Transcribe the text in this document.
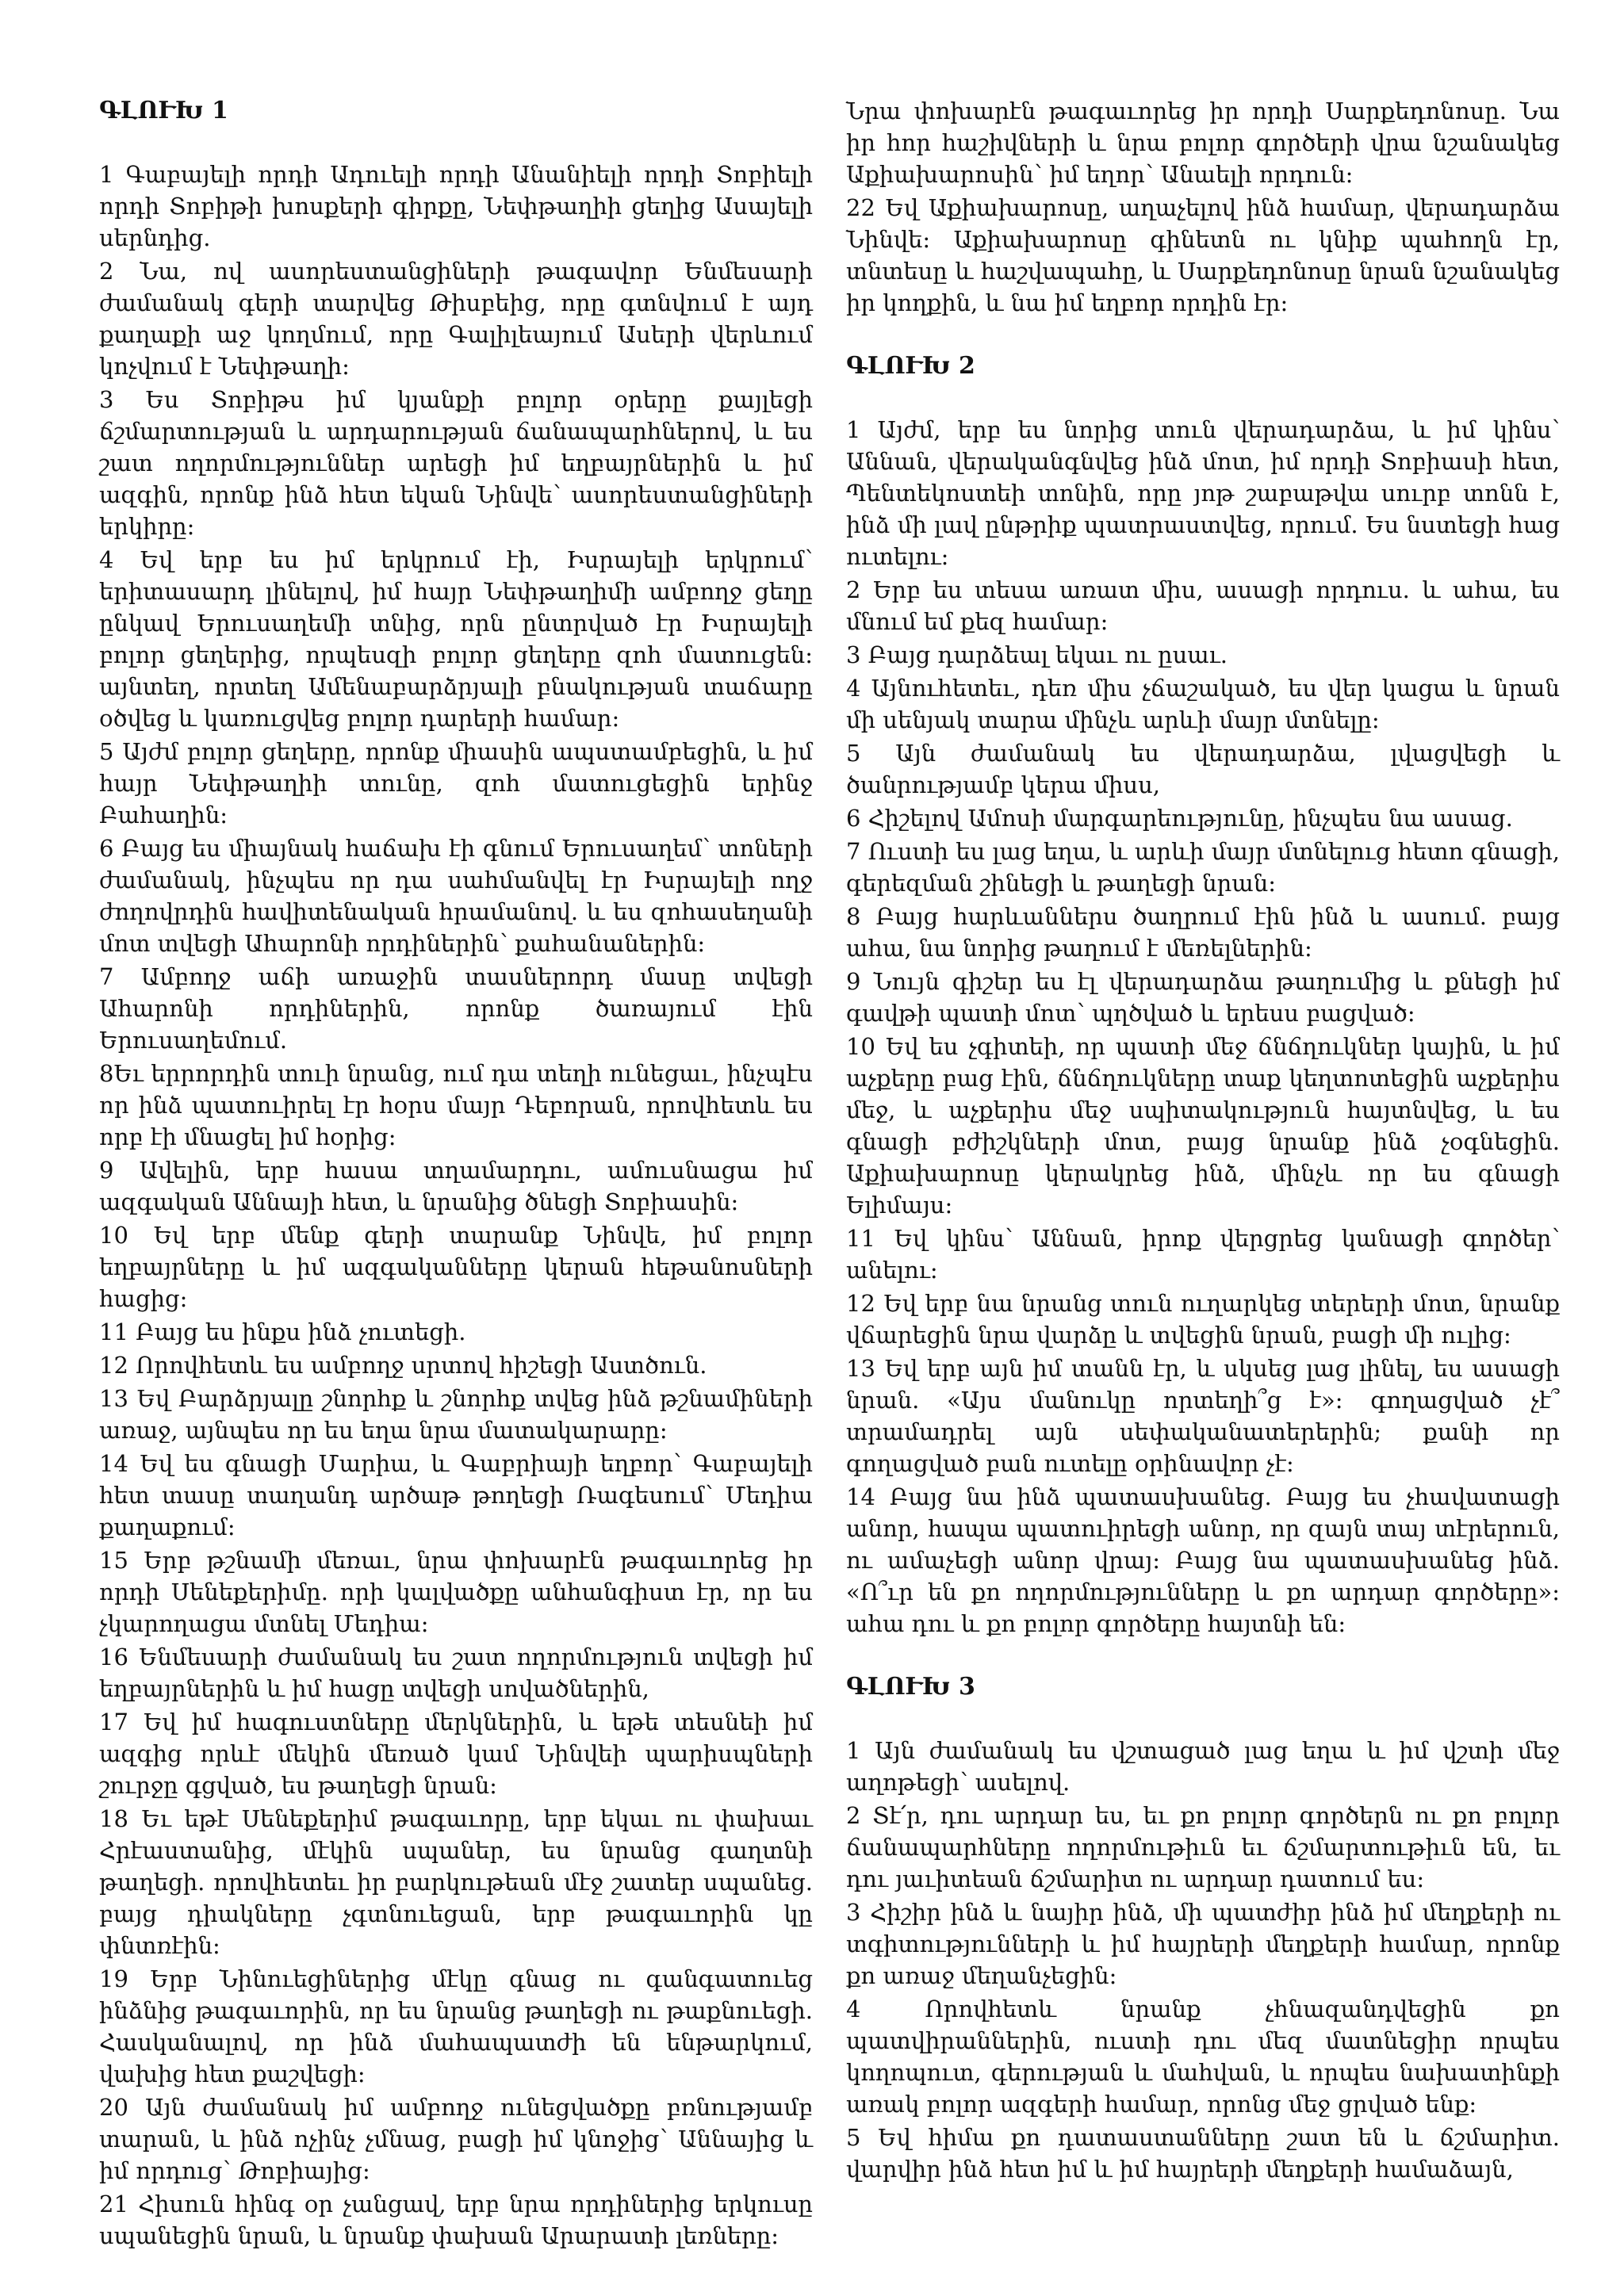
ԳԼՈՒԽ 1

1 Գաբայելի որդի Ադուելի որդի Անանիելի որդի Տոբիելի որդի Տոբիթի խոսքերի գիրքը, Նեփթաղիի ցեղից Ասայելի սերնդից.

2 Նա, ով ասորեստանցիների թագավոր Ենմեսարի ժամանակ գերի տարվեց Թիսբեից, որը գտնվում է այդ քաղաքի աջ կողմում, որը Գալիլեայում Ասերի վերևում կոչվում է Նեփթաղի:

3 Ես Տոբիթս իմ կյանքի բոլոր օրերը քայլեցի ճշմարտության և արդարության ճանապարհներով, և ես շատ ողորմություններ արեցի իմ եղբայրներին և իմ ազգին, որոնք ինձ հետ եկան Նինվե՝ ասորեստանցիների երկիրը:

4 Եվ երբ ես իմ երկրում էի, Իսրայելի երկրում՝ երիտասարդ լինելով, իմ հայր Նեփթաղիմի ամբողջ ցեղը ընկավ Երուսաղեմի տնից, որն ընտրված էր Իսրայելի բոլոր ցեղերից, որպեսզի բոլոր ցեղերը զոհ մատուցեն: այնտեղ, որտեղ Ամենաբարձրյալի բնակության տաճարը օծվեց և կառուցվեց բոլոր դարերի համար:

5 Այժմ բոլոր ցեղերը, որոնք միասին ապստամբեցին, և իմ հայր Նեփթաղիի տունը, զոհ մատուցեցին երինջ Բահաղին:

6 Բայց ես միայնակ հաճախ էի գնում Երուսաղեմ՝ տոների ժամանակ, ինչպես որ դա սահմանվել էր Իսրայելի ողջ ժողովրդին հավիտենական հրամանով. և ես զոհասեղանի մոտ տվեցի Ահարոնի որդիներին՝ քահանաներին:

7 Ամբողջ աճի առաջին տասներորդ մասը տվեցի Ահարոնի որդիներին, որոնք ծառայում էին Երուսաղեմում.

8Եւ երրորդին տուի նրանց, ում դա տեղի ունեցաւ, ինչպէս որ ինձ պատուիրել էր հօրս մայր Դեբորան, որովհետև ես որբ էի մնացել իմ հօրից:

9 Ավելին, երբ հասա տղամարդու, ամուսնացա իմ ազգական Աննայի հետ, և նրանից ծնեցի Տոբիասին:

10 Եվ երբ մենք գերի տարանք Նինվե, իմ բոլոր եղբայրները և իմ ազգականները կերան հեթանոսների հացից:

11 Բայց ես ինքս ինձ չուտեցի.

12 Որովհետև ես ամբողջ սրտով հիշեցի Աստծուն.

13 Եվ Բարձրյալը շնորհք և շնորհք տվեց ինձ թշնամիների առաջ, այնպես որ ես եղա նրա մատակարարը:

14 Եվ ես գնացի Մարիա, և Գաբրիայի եղբոր՝ Գաբայելի հետ տասը տաղանդ արծաթ թողեցի Ռագեսում՝ Մեդիա քաղաքում:

15 Երբ թշնամի մեռաւ, նրա փոխարէն թագաւորեց իր որդի Սենեքերիմը. որի կալվածքը անհանգիստ էր, որ ես չկարողացա մտնել Մեդիա:

16 Ենմեսարի ժամանակ ես շատ ողորմություն տվեցի իմ եղբայրներին և իմ հացը տվեցի սովածներին,

17 Եվ իմ հագուստները մերկներին, և եթե տեսնեի իմ ազգից որևէ մեկին մեռած կամ Նինվեի պարիսպների շուրջը գցված, ես թաղեցի նրան:

18 Եւ եթէ Սենեքերիմ թագաւորը, երբ եկաւ ու փախաւ Հրէաստանից, մէկին սպաներ, ես նրանց գաղտնի թաղեցի. որովհետեւ իր բարկութեան մէջ շատեր սպանեց. բայց դիակները չգտնուեցան, երբ թագաւորին կը փնտռէին:

19 Երբ Նինուեցիներից մէկը գնաց ու գանգատուեց ինձնից թագաւորին, որ ես նրանց թաղեցի ու թաքնուեցի. Հասկանալով, որ ինձ մահապատժի են ենթարկում, վախից հետ քաշվեցի:

20 Այն ժամանակ իմ ամբողջ ունեցվածքը բռնությամբ տարան, և ինձ ոչինչ չմնաց, բացի իմ կնոջից՝ Աննայից և իմ որդուց՝ Թոբիայից:

21 Հիսուն հինգ օր չանցավ, երբ նրա որդիներից երկուսը սպանեցին նրան, և նրանք փախան Արարատի լեռները:

Նրա փոխարէն թագաւորեց իր որդի Սարքեդոնոսը. Նա իր հոր հաշիվների և նրա բոլոր գործերի վրա նշանակեց Աքիախարոսին՝ իմ եղոր՝ Անաելի որդուն:

22 Եվ Աքիախարոսը, աղաչելով ինձ համար, վերադարձա Նինվե: Աքիախարոսը գինետն ու կնիք պահողն էր, տնտեսը և հաշվապահը, և Սարքեդոնոսը նրան նշանակեց իր կողքին, և նա իմ եղբոր որդին էր:

ԳԼՈՒԽ 2

1 Այժմ, երբ ես նորից տուն վերադարձա, և իմ կինս՝ Աննան, վերականգնվեց ինձ մոտ, իմ որդի Տոբիասի հետ, Պենտեկոստեի տոնին, որը յոթ շաբաթվա սուրբ տոնն է, ինձ մի լավ ընթրիք պատրաստվեց, որում. Ես նստեցի հաց ուտելու:

2 Երբ ես տեսա առատ միս, ասացի որդուս. և ահա, ես մնում եմ քեզ համար:

3 Բայց դարձեալ եկաւ ու ըսաւ.

4 Այնուհետեւ, դեռ միս չճաշակած, ես վեր կացա և նրան մի սենյակ տարա մինչև արևի մայր մտնելը:

5 Այն ժամանակ ես վերադարձա, լվացվեցի և ծանրությամբ կերա միսս,

6 Հիշելով Ամոսի մարգարեությունը, ինչպես նա ասաց.

7 Ուստի ես լաց եղա, և արևի մայր մտնելուց հետո գնացի, գերեզման շինեցի և թաղեցի նրան:

8 Բայց հարևաններս ծաղրում էին ինձ և ասում. բայց ահա, նա նորից թաղում է մեռելներին:

9 Նույն գիշեր ես էլ վերադարձա թաղումից և քնեցի իմ գավթի պատի մոտ՝ պղծված և երեսս բացված:

10 Եվ ես չգիտեի, որ պատի մեջ ճնճղուկներ կային, և իմ աչքերը բաց էին, ճնճղուկները տաք կեղտոտեցին աչքերիս մեջ, և աչքերիս մեջ սպիտակություն հայտնվեց, և ես գնացի բժիշկների մոտ, բայց նրանք ինձ չօգնեցին. Աքիախարոսը կերակրեց ինձ, մինչև որ ես գնացի Ելիմայս:

11 Եվ կինս՝ Աննան, իրոք վերցրեց կանացի գործեր՝ անելու:

12 Եվ երբ նա նրանց տուն ուղարկեց տերերի մոտ, նրանք վճարեցին նրա վարձը և տվեցին նրան, բացի մի ուլից:

13 Եվ երբ այն իմ տանն էր, և սկսեց լաց լինել, ես ասացի նրան. «Այս մանուկը որտեղի՞ց է»: գողացված չէ՞ տրամադրել այն սեփականատերերին; քանի որ գողացված բան ուտելը օրինավոր չէ:

14 Բայց նա ինձ պատասխանեց. Բայց ես չհավատացի անոր, հապա պատուիրեցի անոր, որ զայն տայ տէրերուն, ու ամաչեցի անոր վրայ: Բայց նա պատասխանեց ինձ. «Ո՞ւր են քո ողորմությունները և քո արդար գործերը»: ահա դու և քո բոլոր գործերը հայտնի են:

ԳԼՈՒԽ 3

1 Այն ժամանակ ես վշտացած լաց եղա և իմ վշտի մեջ աղոթեցի՝ ասելով.

2 Տէ՛ր, դու արդար ես, եւ քո բոլոր գործերն ու քո բոլոր ճանապարհները ողորմութիւն եւ ճշմարտութիւն են, եւ դու յաւիտեան ճշմարիտ ու արդար դատում ես:

3 Հիշիր ինձ և նայիր ինձ, մի պատժիր ինձ իմ մեղքերի ու տգիտությունների և իմ հայրերի մեղքերի համար, որոնք քո առաջ մեղանչեցին:

4 Որովհետև նրանք չհնազանդվեցին քո պատվիրաններին, ուստի դու մեզ մատնեցիր որպես կողոպուտ, գերության և մահվան, և որպես նախատինքի առակ բոլոր ազգերի համար, որոնց մեջ ցրված ենք:

5 Եվ հիմա քո դատաստանները շատ են և ճշմարիտ. վարվիր ինձ հետ իմ և իմ հայրերի մեղքերի համաձայն,
